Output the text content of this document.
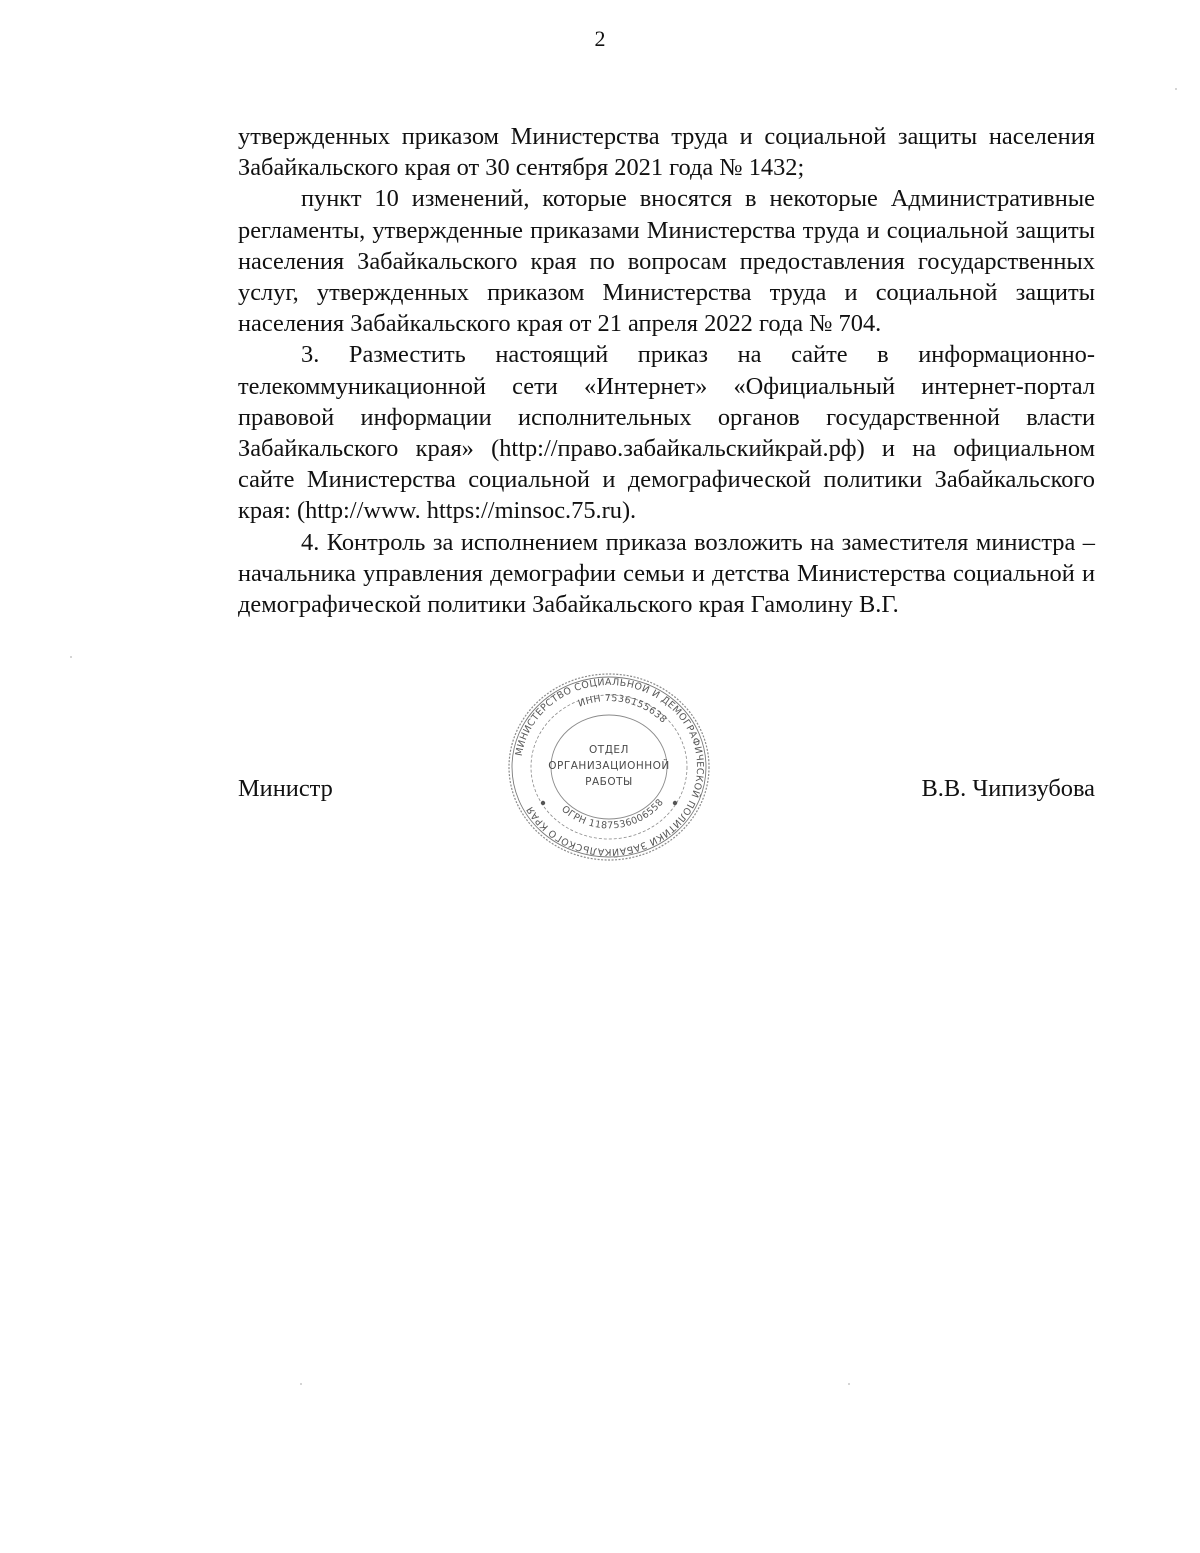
2

утвержденных приказом Министерства труда и социальной защиты населения Забайкальского края от 30 сентября 2021 года № 1432;

пункт 10 изменений, которые вносятся в некоторые Административные регламенты, утвержденные приказами Министерства труда и социальной защиты населения Забайкальского края по вопросам предоставления государственных услуг, утвержденных приказом Министерства труда и социальной защиты населения Забайкальского края от 21 апреля 2022 года № 704.

3. Разместить настоящий приказ на сайте в информационно-телекоммуникационной сети «Интернет» «Официальный интернет-портал правовой информации исполнительных органов государственной власти Забайкальского края» (http://право.забайкальскийкрай.рф) и на официальном сайте Министерства социальной и демографической политики Забайкальского края: (http://www. https://minsoc.75.ru).

4. Контроль за исполнением приказа возложить на заместителя министра – начальника управления демографии семьи и детства Министерства социальной и демографической политики Забайкальского края Гамолину В.Г.

МИНИСТЕРСТВО СОЦИАЛЬНОЙ И ДЕМОГРАФИЧЕСКОЙ ПОЛИТИКИ ЗАБАЙКАЛЬСКОГО КРАЯ
ИНН 7536155638
ОГРН 1187536006558
ОТДЕЛ
ОРГАНИЗАЦИОННОЙ
РАБОТЫ
Министр	В.В. Чипизубова
